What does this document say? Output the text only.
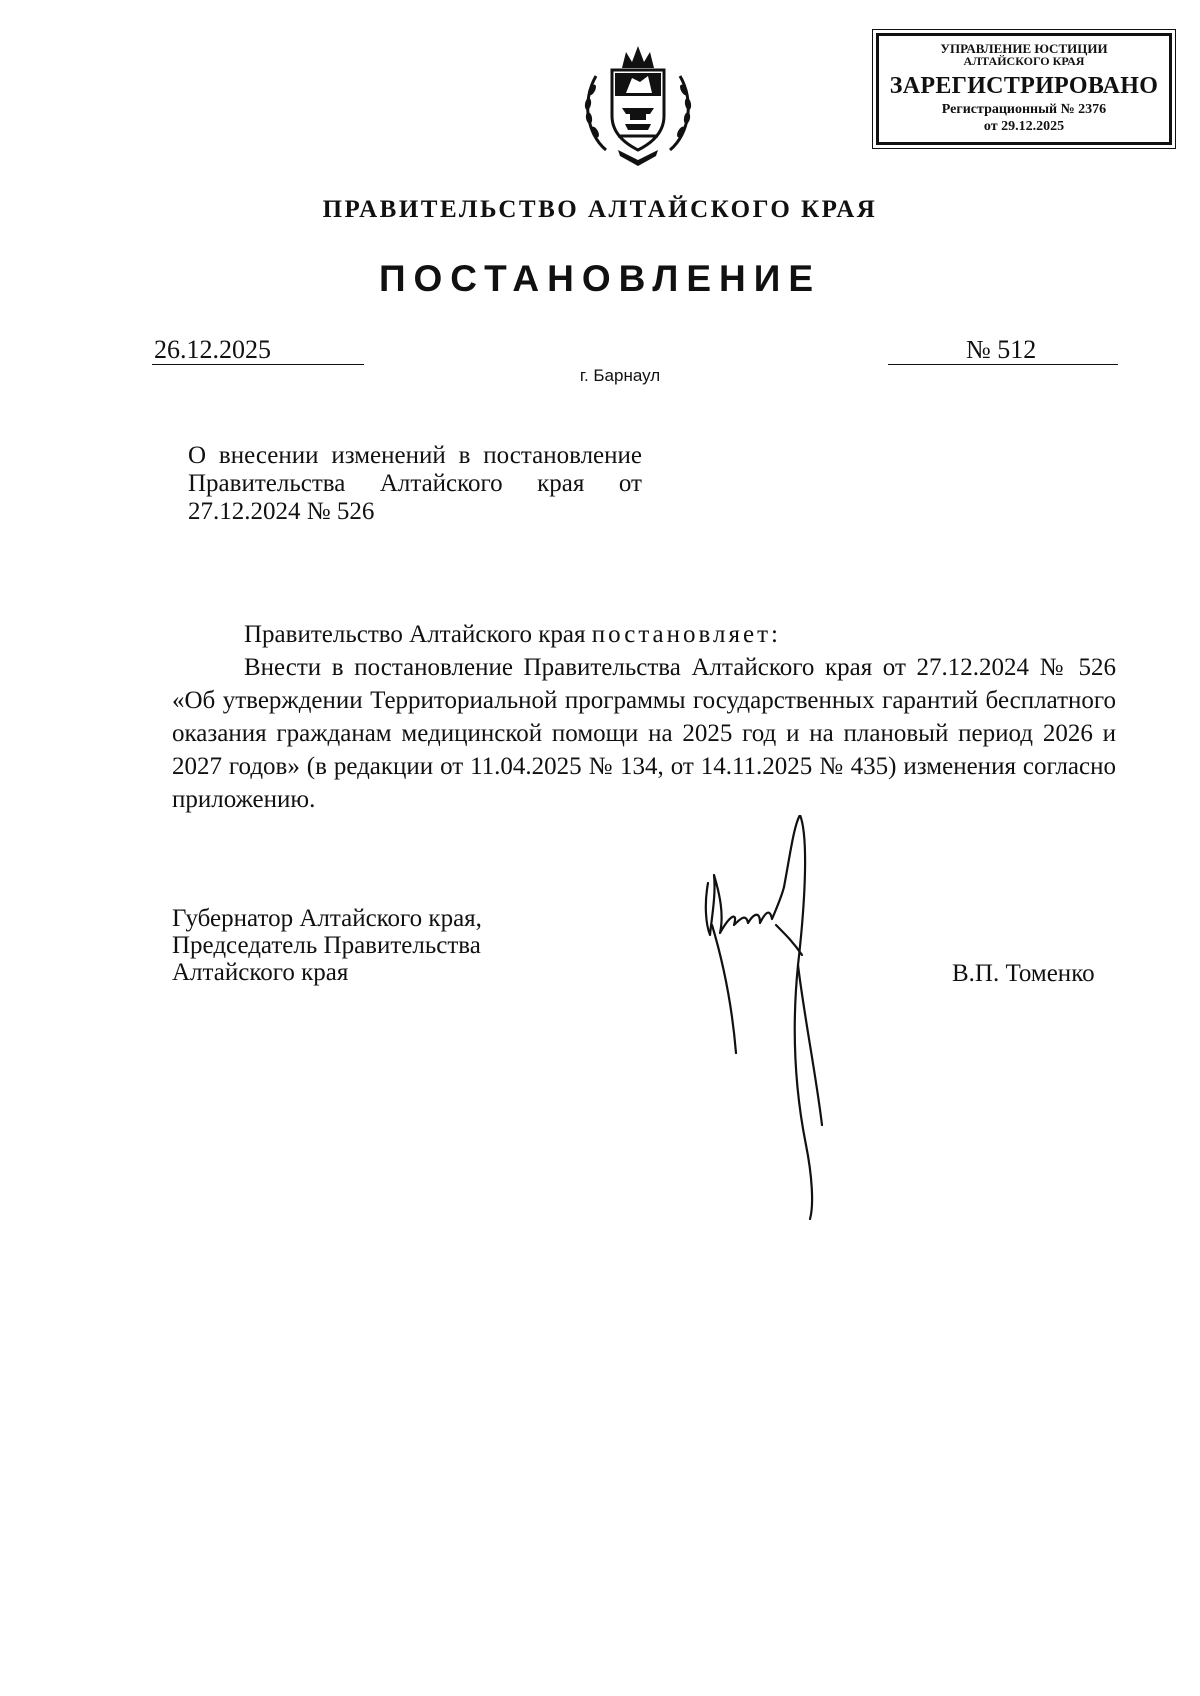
УПРАВЛЕНИЕ ЮСТИЦИИ
АЛТАЙСКОГО КРАЯ
ЗАРЕГИСТРИРОВАНО
Регистрационный № 2376
от 29.12.2025
ПРАВИТЕЛЬСТВО АЛТАЙСКОГО КРАЯ
ПОСТАНОВЛЕНИЕ
26.12.2025	№ 512
г. Барнаул
О внесении изменений в постановление Правительства Алтайского края от 27.12.2024 № 526

Правительство Алтайского края постановляет:

Внести в постановление Правительства Алтайского края от 27.12.2024 № 526 «Об утверждении Территориальной программы государственных гарантий бесплатного оказания гражданам медицинской помощи на 2025 год и на плановый период 2026 и 2027 годов» (в редакции от 11.04.2025 № 134, от 14.11.2025 № 435) изменения согласно приложению.

Губернатор Алтайского края,
Председатель Правительства
Алтайского края	В.П. Томенко
